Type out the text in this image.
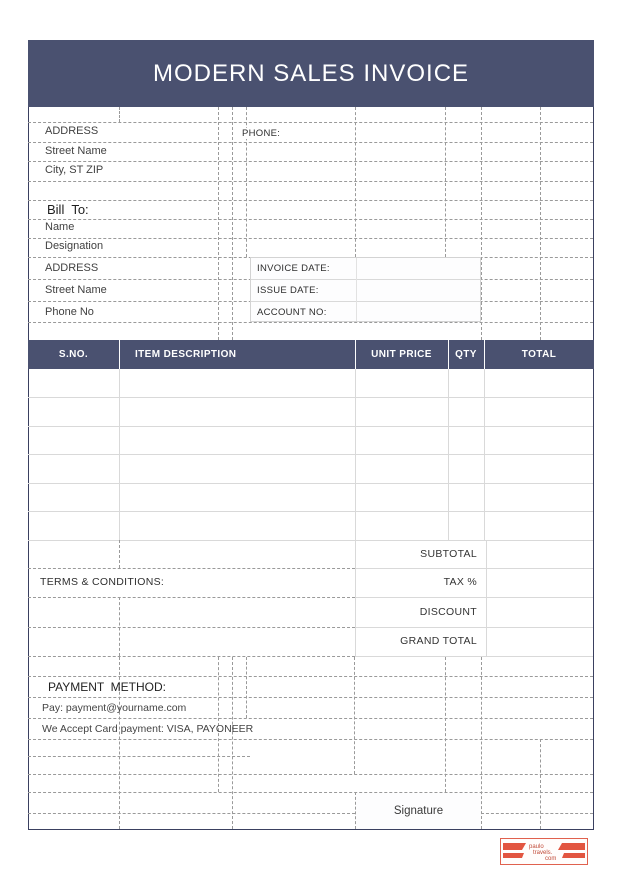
MODERN SALES INVOICE
ADDRESS
Street Name
City, ST ZIP
PHONE:
Bill  To:
Name
Designation
ADDRESS
Street Name
Phone No
INVOICE DATE:
ISSUE DATE:
ACCOUNT NO:
S.NO.	ITEM DESCRIPTION	UNIT PRICE	QTY	TOTAL
SUBTOTAL
TAX %
DISCOUNT
GRAND TOTAL
TERMS & CONDITIONS:
PAYMENT  METHOD:
Pay: payment@yourname.com
We Accept Card payment: VISA, PAYONEER
Signature
paulo
travels.
com
